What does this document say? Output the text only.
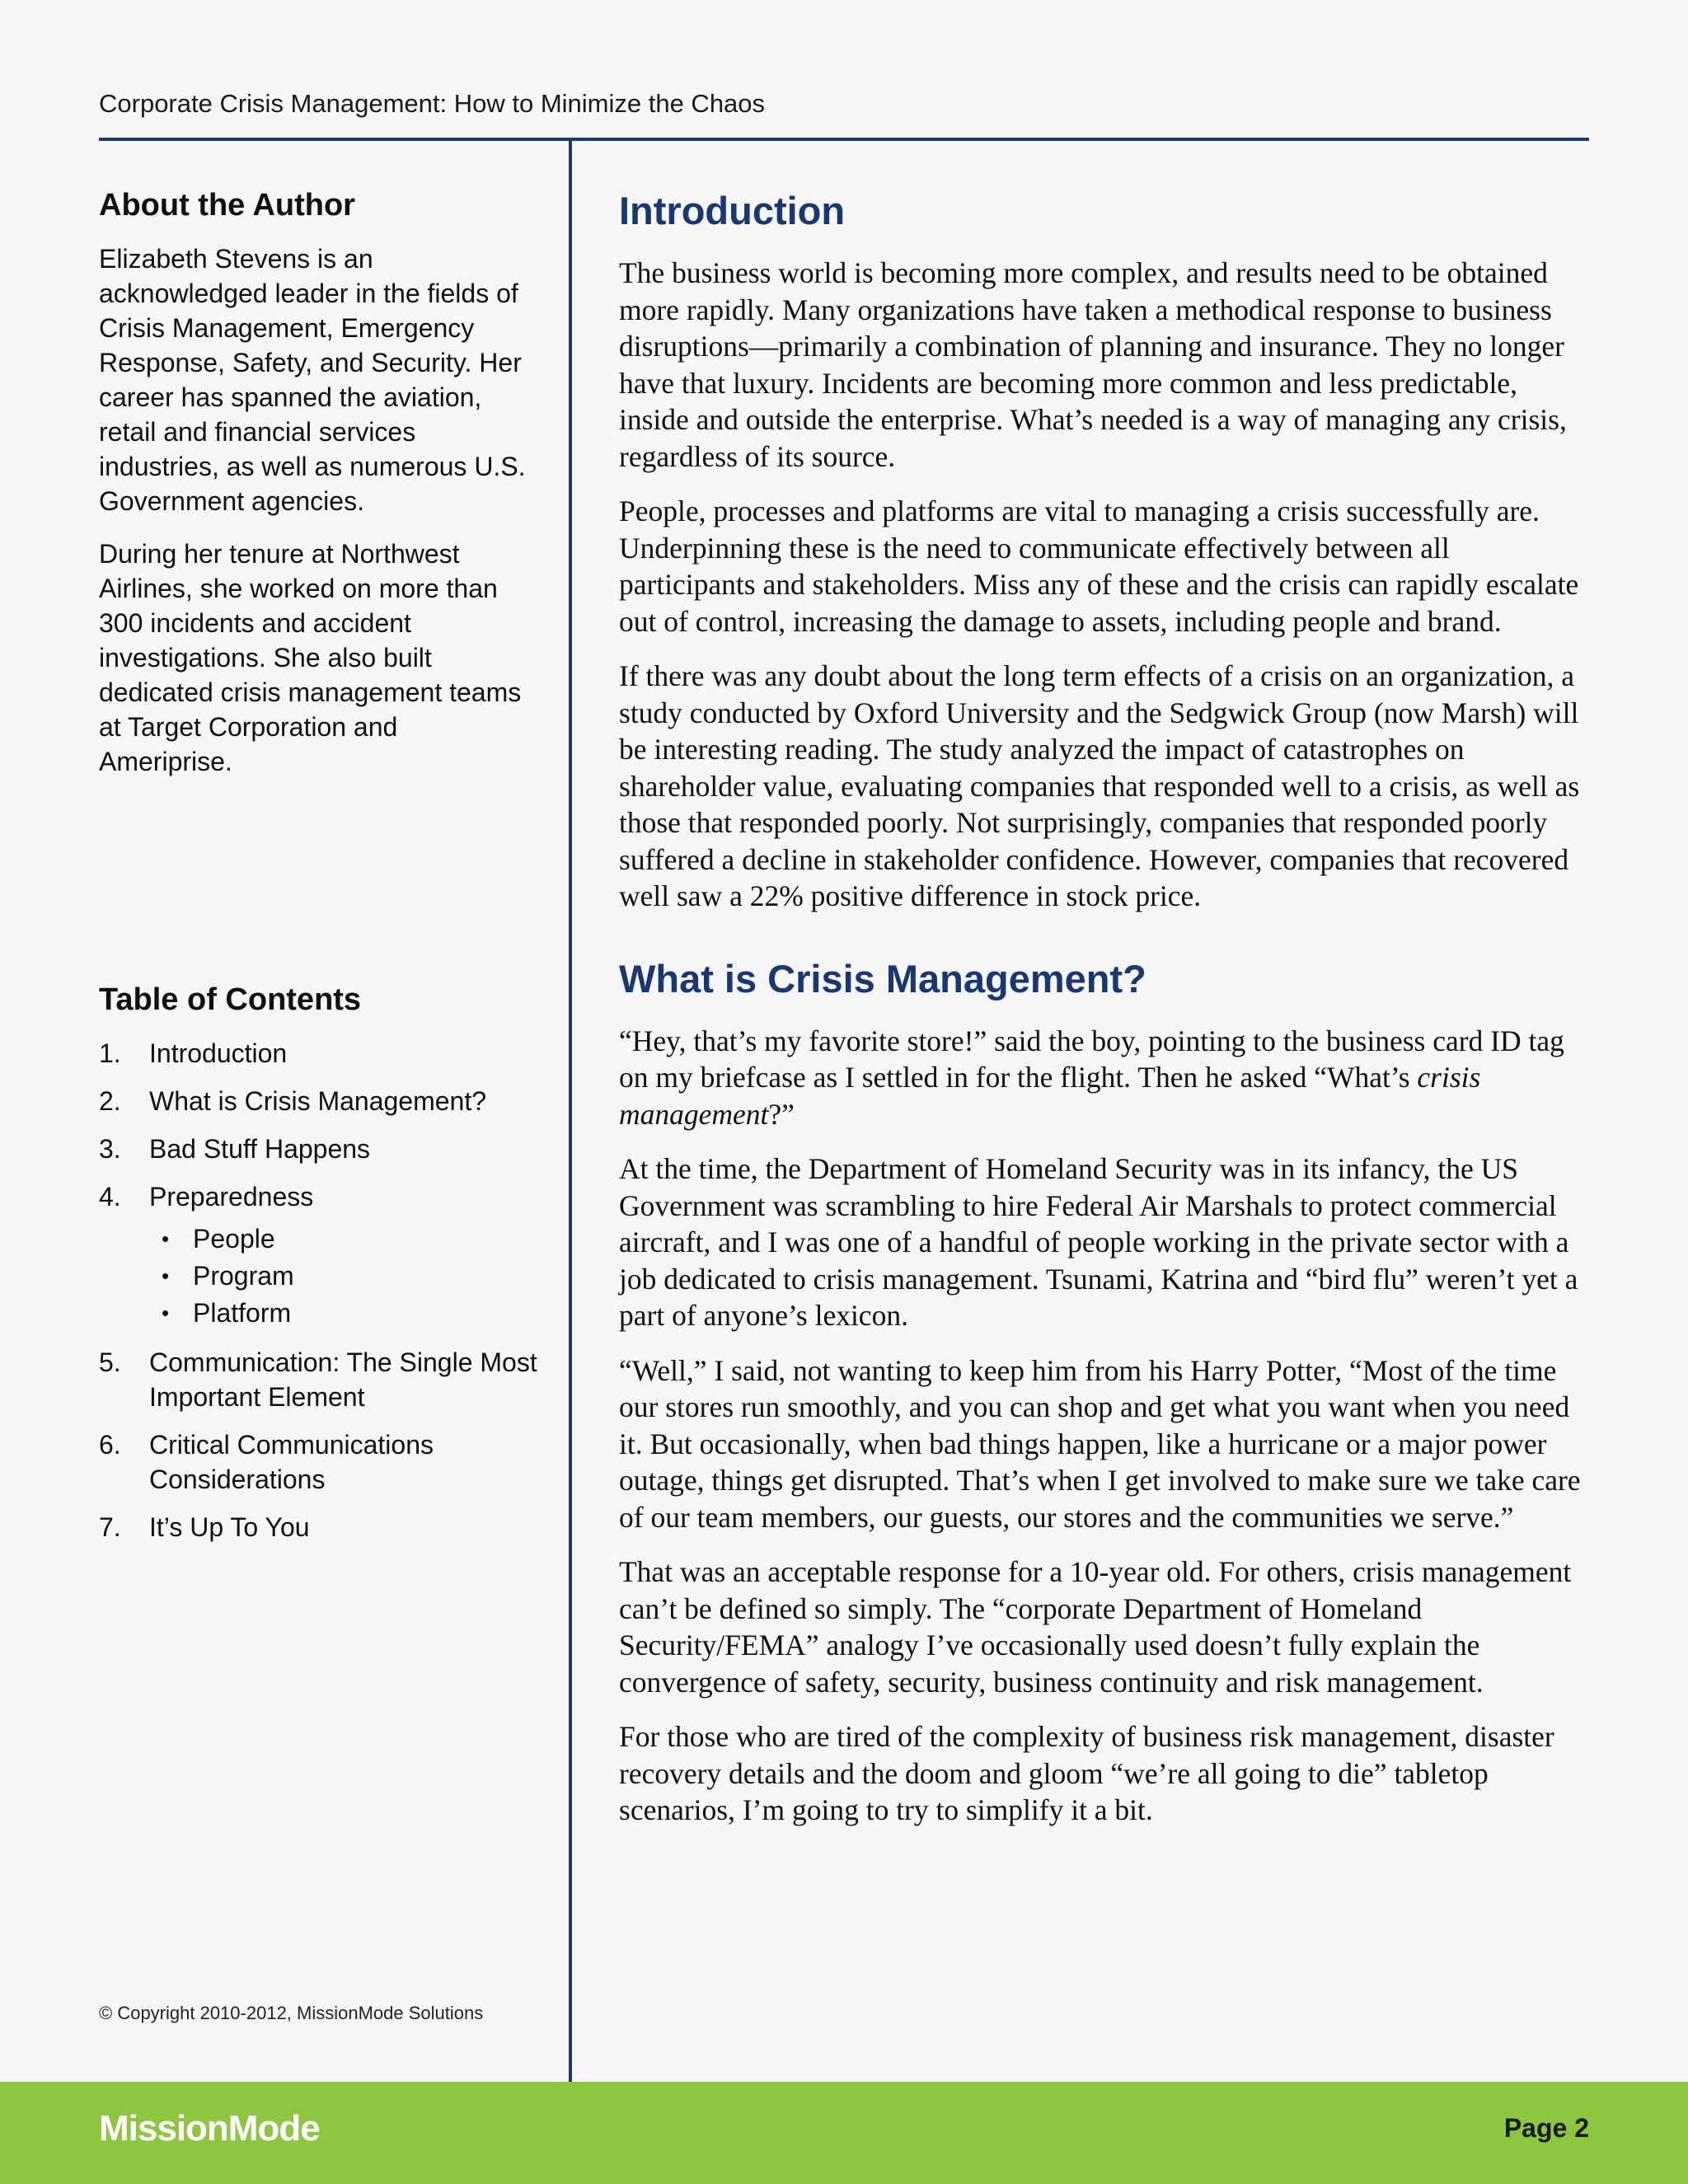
Corporate Crisis Management: How to Minimize the Chaos
About the Author

Elizabeth Stevens is an acknowledged leader in the fields of Crisis Management, Emergency Response, Safety, and Security. Her career has spanned the aviation, retail and financial services industries, as well as numerous U.S. Government agencies.

During her tenure at Northwest Airlines, she worked on more than 300 incidents and accident investigations. She also built dedicated crisis management teams at Target Corporation and Ameriprise.

Table of Contents
1. Introduction
2. What is Crisis Management?
3. Bad Stuff Happens
4. Preparedness
• People
• Program
• Platform
5. Communication: The Single Most Important Element
6. Critical Communications Considerations
7. It’s Up To You
© Copyright 2010-2012, MissionMode Solutions
Introduction

The business world is becoming more complex, and results need to be obtained more rapidly. Many organizations have taken a methodical response to business disruptions—primarily a combination of planning and insurance. They no longer have that luxury. Incidents are becoming more common and less predictable, inside and outside the enterprise. What’s needed is a way of managing any crisis, regardless of its source.

People, processes and platforms are vital to managing a crisis successfully are. Underpinning these is the need to communicate effectively between all participants and stakeholders. Miss any of these and the crisis can rapidly escalate out of control, increasing the damage to assets, including people and brand.

If there was any doubt about the long term effects of a crisis on an organization, a study conducted by Oxford University and the Sedgwick Group (now Marsh) will be interesting reading. The study analyzed the impact of catastrophes on shareholder value, evaluating companies that responded well to a crisis, as well as those that responded poorly. Not surprisingly, companies that responded poorly suffered a decline in stakeholder confidence. However, companies that recovered well saw a 22% positive difference in stock price.

What is Crisis Management?

“Hey, that’s my favorite store!” said the boy, pointing to the business card ID tag on my briefcase as I settled in for the flight. Then he asked “What’s crisis management?”

At the time, the Department of Homeland Security was in its infancy, the US Government was scrambling to hire Federal Air Marshals to protect commercial aircraft, and I was one of a handful of people working in the private sector with a job dedicated to crisis management. Tsunami, Katrina and “bird flu” weren’t yet a part of anyone’s lexicon.

“Well,” I said, not wanting to keep him from his Harry Potter, “Most of the time our stores run smoothly, and you can shop and get what you want when you need it. But occasionally, when bad things happen, like a hurricane or a major power outage, things get disrupted. That’s when I get involved to make sure we take care of our team members, our guests, our stores and the communities we serve.”

That was an acceptable response for a 10-year old. For others, crisis management can’t be defined so simply. The “corporate Department of Homeland Security/FEMA” analogy I’ve occasionally used doesn’t fully explain the convergence of safety, security, business continuity and risk management.

For those who are tired of the complexity of business risk management, disaster recovery details and the doom and gloom “we’re all going to die” tabletop scenarios, I’m going to try to simplify it a bit.

MissionMode	Page 2
